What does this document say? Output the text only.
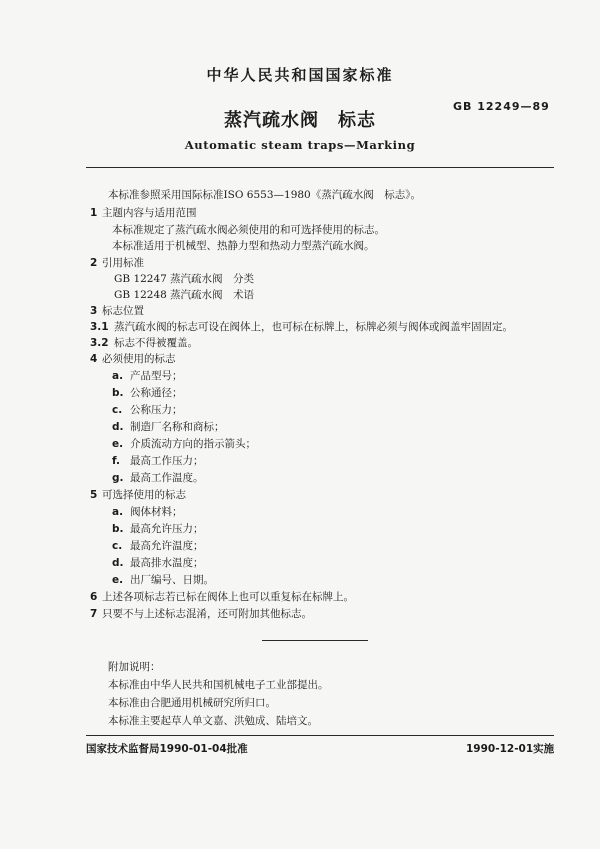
中华人民共和国国家标准
GB 12249—89
蒸汽疏水阀　标志
Automatic steam traps—Marking
本标准参照采用国际标准ISO 6553—1980《蒸汽疏水阀　标志》。
1 主题内容与适用范围
本标准规定了蒸汽疏水阀必须使用的和可选择使用的标志。
本标准适用于机械型、热静力型和热动力型蒸汽疏水阀。
2 引用标准
GB 12247 蒸汽疏水阀　分类
GB 12248 蒸汽疏水阀　术语
3 标志位置
3.1 蒸汽疏水阀的标志可设在阀体上，也可标在标牌上，标牌必须与阀体或阀盖牢固固定。
3.2 标志不得被覆盖。
4 必须使用的标志
a. 产品型号；
b. 公称通径；
c. 公称压力；
d. 制造厂名称和商标；
e. 介质流动方向的指示箭头；
f. 最高工作压力；
g. 最高工作温度。
5 可选择使用的标志
a. 阀体材料；
b. 最高允许压力；
c. 最高允许温度；
d. 最高排水温度；
e. 出厂编号、日期。
6 上述各项标志若已标在阀体上也可以重复标在标牌上。
7 只要不与上述标志混淆，还可附加其他标志。
附加说明：
本标准由中华人民共和国机械电子工业部提出。
本标准由合肥通用机械研究所归口。
本标准主要起草人单文嘉、洪勉成、陆培文。
国家技术监督局1990-01-04批准	1990-12-01实施
